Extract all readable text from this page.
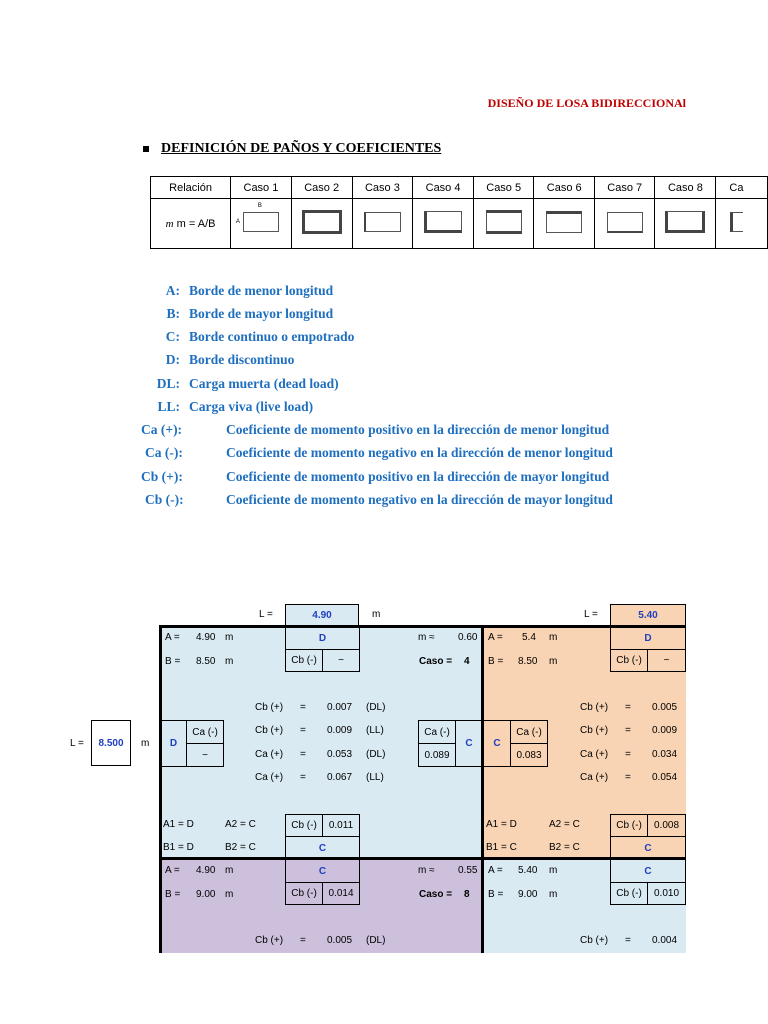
DISEÑO DE LOSA BIDIRECCIONAl
DEFINICIÓN DE PAÑOS Y COEFICIENTES
Relación	Caso 1	Caso 2	Caso 3	Caso 4	Caso 5	Caso 6	Caso 7	Caso 8	Ca
m m = A/B	A
B								

A: Borde de menor longitud
B: Borde de mayor longitud
C: Borde continuo o empotrado
D: Borde discontinuo
DL: Carga muerta (dead load)
LL: Carga viva (live load)
Ca (+):	Coeficiente de momento positivo en la dirección de menor longitud
Ca (-):	Coeficiente de momento negativo en la dirección de menor longitud
Cb (+):	Coeficiente de momento positivo en la dirección de mayor longitud
Cb (-):	Coeficiente de momento negativo en la dirección de mayor longitud
L =	4.90	m	L =	5.40
L =	8.500	m
A = 4.90 m
B = 8.50 m
D
Cb (-)	−
m ≈ 0.60
Caso = 4
D
Ca (-)
−
Cb (+) = 0.007 (DL)
Cb (+) = 0.009 (LL)
Ca (+) = 0.053 (DL)
Ca (+) = 0.067 (LL)
Ca (-)
0.089
C
A1 = D	A2 = C
B1 = D	B2 = C
Cb (-)	0.011
C
A = 5.4 m
B = 8.50 m
D
Cb (-)	−
C
Ca (-)
0.083
Cb (+) = 0.005
Cb (+) = 0.009
Ca (+) = 0.034
Ca (+) = 0.054
A1 = D	A2 = C
B1 = C	B2 = C
Cb (-)	0.008
C
A = 4.90 m
B = 9.00 m
C
Cb (-)	0.014
m ≈ 0.55
Caso = 8
Cb (+) = 0.005 (DL)
A = 5.40 m
B = 9.00 m
C
Cb (-)	0.010
Cb (+) = 0.004
